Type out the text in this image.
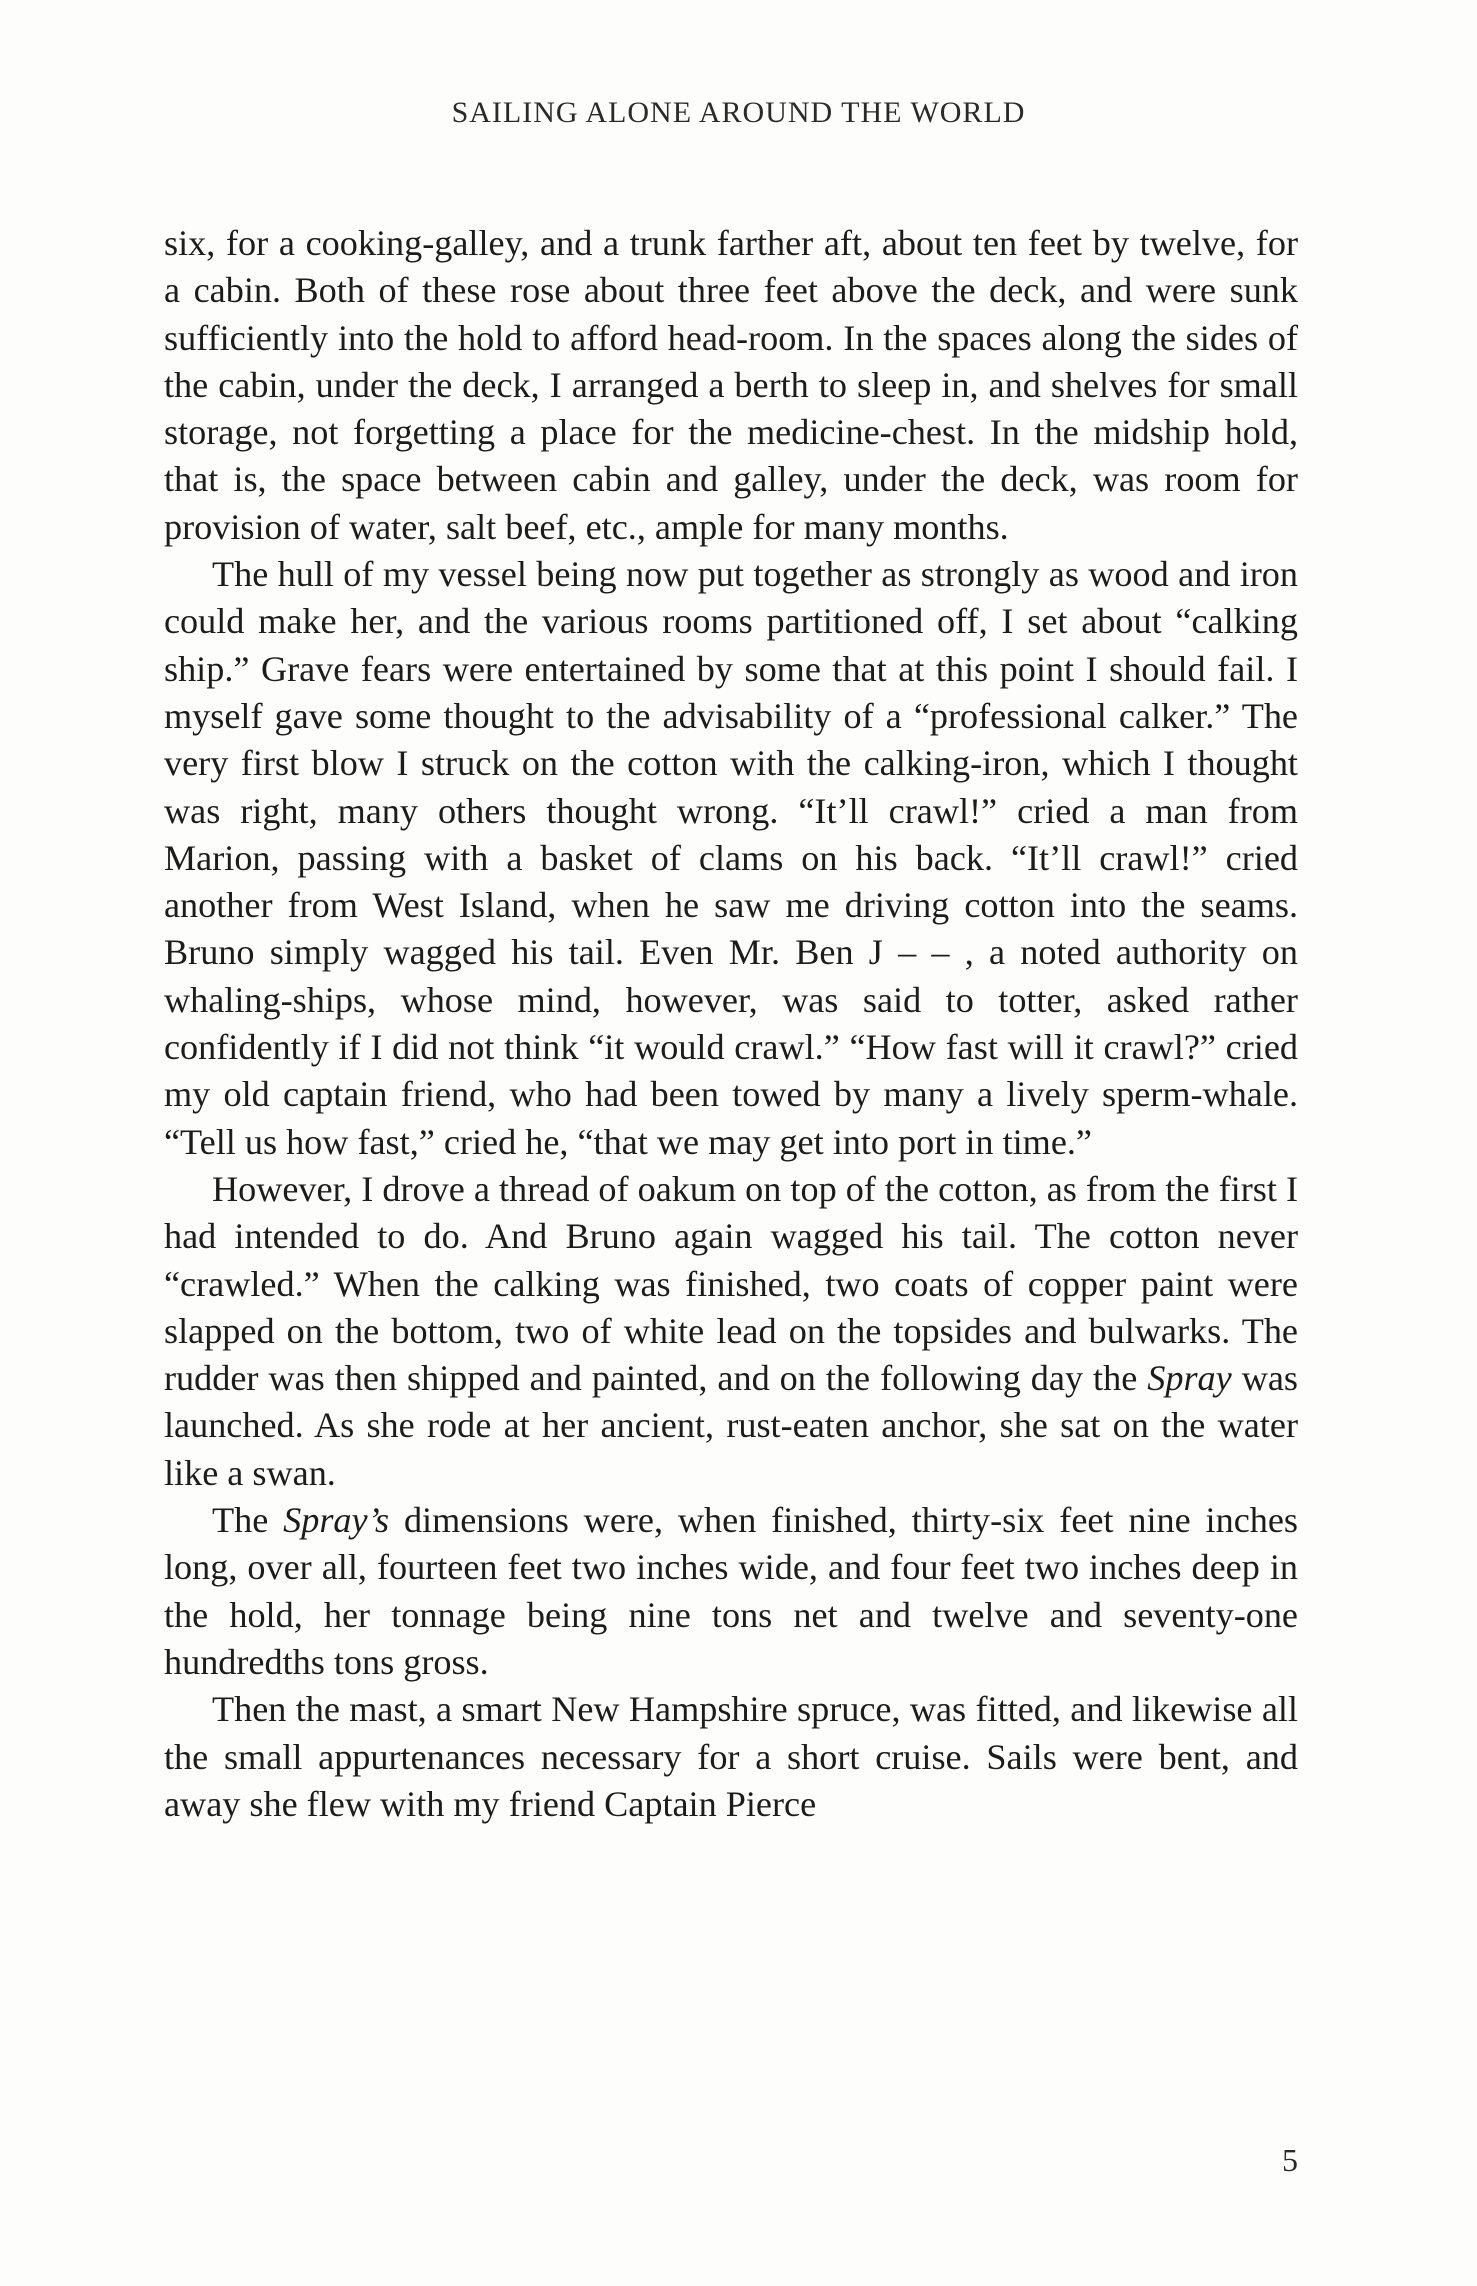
SAILING ALONE AROUND THE WORLD

six, for a cooking-galley, and a trunk farther aft, about ten feet by twelve, for a cabin. Both of these rose about three feet above the deck, and were sunk sufficiently into the hold to afford head-room. In the spaces along the sides of the cabin, under the deck, I arranged a berth to sleep in, and shelves for small storage, not forgetting a place for the medicine-chest. In the midship hold, that is, the space between cabin and galley, under the deck, was room for provision of water, salt beef, etc., ample for many months.

The hull of my vessel being now put together as strongly as wood and iron could make her, and the various rooms partitioned off, I set about “calking ship.” Grave fears were entertained by some that at this point I should fail. I myself gave some thought to the advisability of a “professional calker.” The very first blow I struck on the cotton with the calking-iron, which I thought was right, many others thought wrong. “It’ll crawl!” cried a man from Marion, passing with a basket of clams on his back. “It’ll crawl!” cried another from West Island, when he saw me driving cotton into the seams. Bruno simply wagged his tail. Even Mr. Ben J – – , a noted authority on whaling-ships, whose mind, however, was said to totter, asked rather confidently if I did not think “it would crawl.” “How fast will it crawl?” cried my old captain friend, who had been towed by many a lively sperm-whale. “Tell us how fast,” cried he, “that we may get into port in time.”

However, I drove a thread of oakum on top of the cotton, as from the first I had intended to do. And Bruno again wagged his tail. The cotton never “crawled.” When the calking was finished, two coats of copper paint were slapped on the bottom, two of white lead on the topsides and bulwarks. The rudder was then shipped and painted, and on the following day the Spray was launched. As she rode at her ancient, rust-eaten anchor, she sat on the water like a swan.

The Spray’s dimensions were, when finished, thirty-six feet nine inches long, over all, fourteen feet two inches wide, and four feet two inches deep in the hold, her tonnage being nine tons net and twelve and seventy-one hundredths tons gross.

Then the mast, a smart New Hampshire spruce, was fitted, and likewise all the small appurtenances necessary for a short cruise. Sails were bent, and away she flew with my friend Captain Pierce

5
